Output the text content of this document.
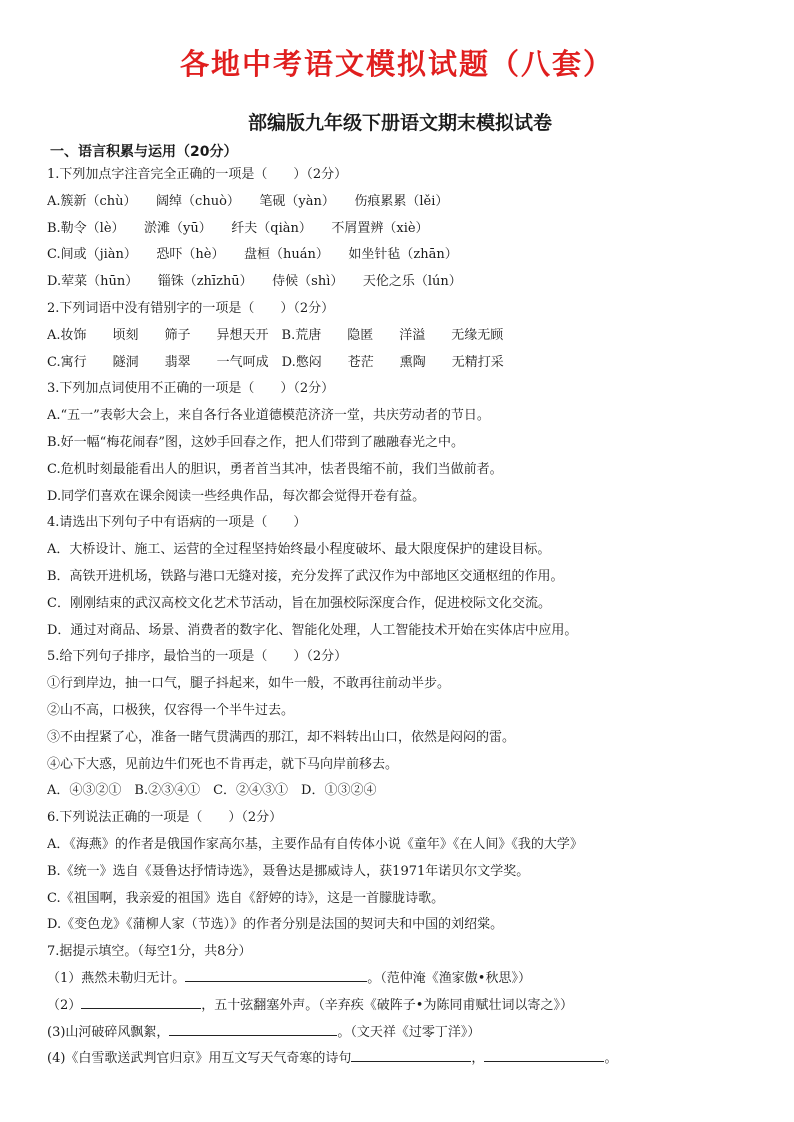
各地中考语文模拟试题（八套）
部编版九年级下册语文期末模拟试卷
一、语言积累与运用（20分）
1.下列加点字注音完全正确的一项是（　　）（2分）
A.簇新（chù）　　阔绰（chuò）　　笔砚（yàn）　　伤痕累累（lěi）
B.勒令（lè）　　淤滩（yū）　　纤夫（qiàn）　　不屑置辨（xiè）
C.间或（jiàn）　　恐吓（hè）　　盘桓（huán）　　如坐针毡（zhān）
D.荤菜（hūn）　　锱铢（zhīzhū）　　侍候（shì）　　天伦之乐（lún）
2.下列词语中没有错别字的一项是（　　）（2分）
A.妆饰　　顷刻　　筛子　　异想天开　B.荒唐　　隐匿　　洋溢　　无缘无顾
C.寓行　　隧洞　　翡翠　　一气呵成　D.憋闷　　苍茫　　熏陶　　无精打采
3.下列加点词使用不正确的一项是（　　）（2分）
A.“五一”表彰大会上，来自各行各业道德模范济济一堂，共庆劳动者的节日。
B.好一幅“梅花闹春”图，这妙手回春之作，把人们带到了融融春光之中。
C.危机时刻最能看出人的胆识，勇者首当其冲，怯者畏缩不前，我们当做前者。
D.同学们喜欢在课余阅读一些经典作品，每次都会觉得开卷有益。
4.请选出下列句子中有语病的一项是（　　）
A．大桥设计、施工、运营的全过程坚持始终最小程度破坏、最大限度保护的建设目标。
B．高铁开进机场，铁路与港口无缝对接，充分发挥了武汉作为中部地区交通枢纽的作用。
C．刚刚结束的武汉高校文化艺术节活动，旨在加强校际深度合作，促进校际文化交流。
D．通过对商品、场景、消费者的数字化、智能化处理，人工智能技术开始在实体店中应用。
5.给下列句子排序，最恰当的一项是（　　）（2分）
①行到岸边，抽一口气，腿子抖起来，如牛一般，不敢再往前动半步。
②山不高，口极狭，仅容得一个半牛过去。
③不由捏紧了心，准备一睹气贯满西的那江，却不料转出山口，依然是闷闷的雷。
④心下大惑，见前边牛们死也不肯再走，就下马向岸前移去。
A．④③②①　B.②③④①　C．②④③①　D．①③②④
6.下列说法正确的一项是（　　）（2分）
A．《海燕》的作者是俄国作家高尔基，主要作品有自传体小说《童年》《在人间》《我的大学》
B.《统一》选自《聂鲁达抒情诗选》，聂鲁达是挪威诗人，获1971年诺贝尔文学奖。
C.《祖国啊，我亲爱的祖国》选自《舒婷的诗》，这是一首朦胧诗歌。
D.《变色龙》《蒲柳人家（节选）》的作者分别是法国的契诃夫和中国的刘绍棠。
7.据提示填空。（每空1分，共8分）
（1）燕然未勒归无计。	。（范仲淹《渔家傲•秋思》）
（2）	，五十弦翻塞外声。（辛弃疾《破阵子•为陈同甫赋壮词以寄之》）
(3)山河破碎风飘絮，	。（文天祥《过零丁洋》）
(4)《白雪歌送武判官归京》用互文写天气奇寒的诗句	，	。
